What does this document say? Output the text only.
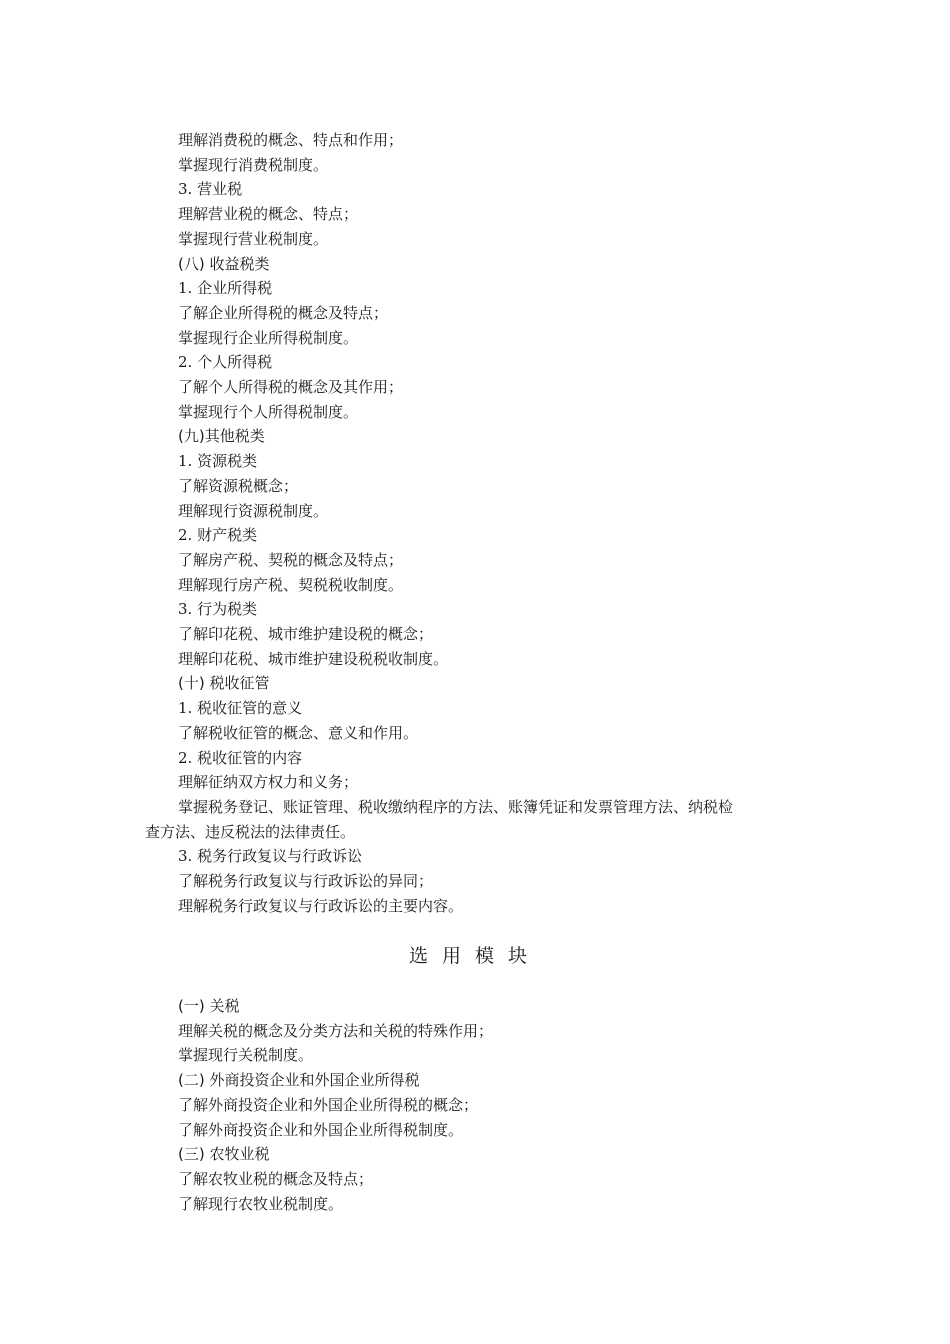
理解消费税的概念、特点和作用；
掌握现行消费税制度。
3. 营业税
理解营业税的概念、特点；
掌握现行营业税制度。
(八) 收益税类
1. 企业所得税
了解企业所得税的概念及特点；
掌握现行企业所得税制度。
2. 个人所得税
了解个人所得税的概念及其作用；
掌握现行个人所得税制度。
(九)其他税类
1. 资源税类
了解资源税概念；
理解现行资源税制度。
2. 财产税类
了解房产税、契税的概念及特点；
理解现行房产税、契税税收制度。
3. 行为税类
了解印花税、城市维护建设税的概念；
理解印花税、城市维护建设税税收制度。
(十) 税收征管
1. 税收征管的意义
了解税收征管的概念、意义和作用。
2. 税收征管的内容
理解征纳双方权力和义务；
掌握税务登记、账证管理、税收缴纳程序的方法、账簿凭证和发票管理方法、纳税检
查方法、违反税法的法律责任。
3. 税务行政复议与行政诉讼
了解税务行政复议与行政诉讼的异同；
理解税务行政复议与行政诉讼的主要内容。
选用模块
(一) 关税
理解关税的概念及分类方法和关税的特殊作用；
掌握现行关税制度。
(二) 外商投资企业和外国企业所得税
了解外商投资企业和外国企业所得税的概念；
了解外商投资企业和外国企业所得税制度。
(三) 农牧业税
了解农牧业税的概念及特点；
了解现行农牧业税制度。
